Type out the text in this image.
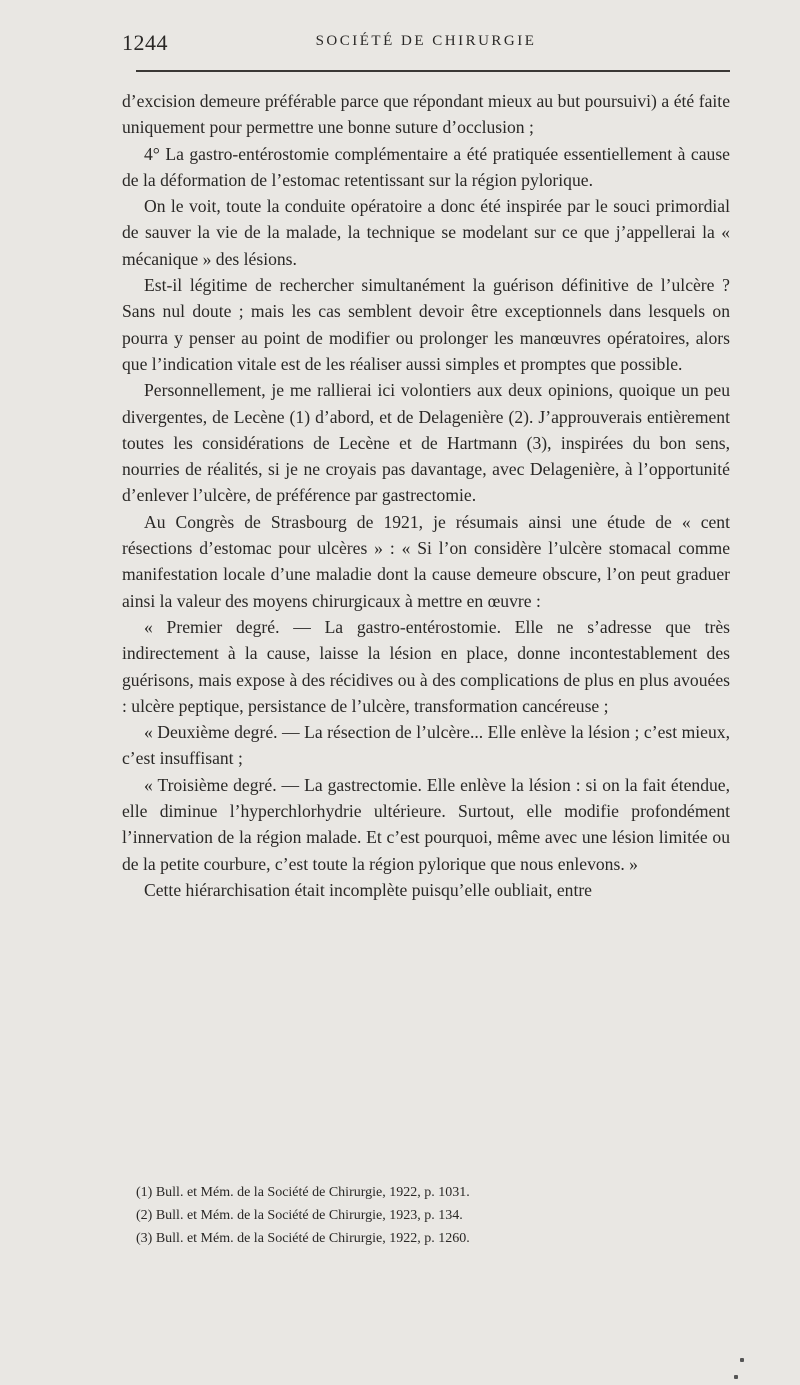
1244	SOCIÉTÉ DE CHIRURGIE

d’excision demeure préférable parce que répondant mieux au but poursuivi) a été faite uniquement pour permettre une bonne suture d’occlusion ;

4° La gastro-entérostomie complémentaire a été pratiquée essentiellement à cause de la déformation de l’estomac retentissant sur la région pylorique.

On le voit, toute la conduite opératoire a donc été inspirée par le souci primordial de sauver la vie de la malade, la technique se modelant sur ce que j’appellerai la « mécanique » des lésions.

Est-il légitime de rechercher simultanément la guérison définitive de l’ulcère ? Sans nul doute ; mais les cas semblent devoir être exceptionnels dans lesquels on pourra y penser au point de modifier ou prolonger les manœuvres opératoires, alors que l’indication vitale est de les réaliser aussi simples et promptes que possible.

Personnellement, je me rallierai ici volontiers aux deux opinions, quoique un peu divergentes, de Lecène (1) d’abord, et de Delagenière (2). J’approuverais entièrement toutes les considérations de Lecène et de Hartmann (3), inspirées du bon sens, nourries de réalités, si je ne croyais pas davantage, avec Delagenière, à l’opportunité d’enlever l’ulcère, de préférence par gastrectomie.

Au Congrès de Strasbourg de 1921, je résumais ainsi une étude de « cent résections d’estomac pour ulcères » : « Si l’on considère l’ulcère stomacal comme manifestation locale d’une maladie dont la cause demeure obscure, l’on peut graduer ainsi la valeur des moyens chirurgicaux à mettre en œuvre :

« Premier degré. — La gastro-entérostomie. Elle ne s’adresse que très indirectement à la cause, laisse la lésion en place, donne incontestablement des guérisons, mais expose à des récidives ou à des complications de plus en plus avouées : ulcère peptique, persistance de l’ulcère, transformation cancéreuse ;

« Deuxième degré. — La résection de l’ulcère... Elle enlève la lésion ; c’est mieux, c’est insuffisant ;

« Troisième degré. — La gastrectomie. Elle enlève la lésion : si on la fait étendue, elle diminue l’hyperchlorhydrie ultérieure. Surtout, elle modifie profondément l’innervation de la région malade. Et c’est pourquoi, même avec une lésion limitée ou de la petite courbure, c’est toute la région pylorique que nous enlevons. »

Cette hiérarchisation était incomplète puisqu’elle oubliait, entre

(1) Bull. et Mém. de la Société de Chirurgie, 1922, p. 1031.
(2) Bull. et Mém. de la Société de Chirurgie, 1923, p. 134.
(3) Bull. et Mém. de la Société de Chirurgie, 1922, p. 1260.
